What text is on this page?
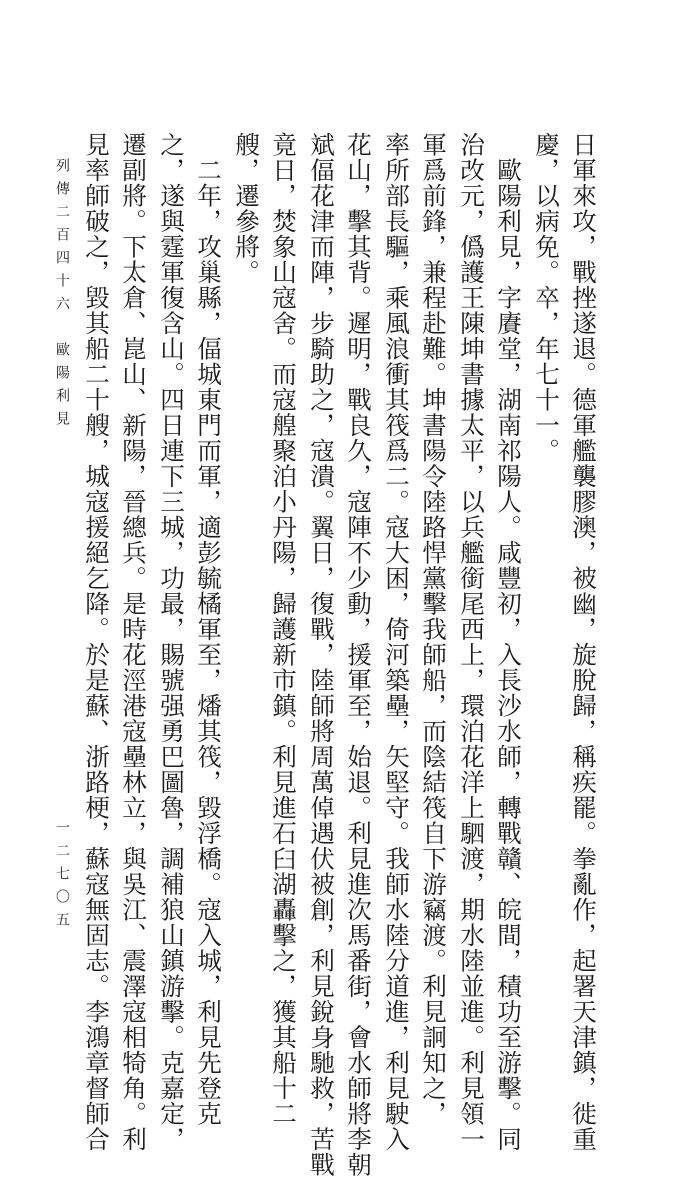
日軍來攻，戰挫遂退。德軍艦襲膠澳，被幽，旋脫歸，稱疾罷。拳亂作，起署天津鎮，徙重
慶，以病免。卒，年七十一。
　歐陽利見，字賡堂，湖南祁陽人。咸豐初，入長沙水師，轉戰贛、皖間，積功至游擊。同
治改元，僞護王陳坤書據太平，以兵艦銜尾西上，環泊花洋上駟渡，期水陸並進。利見領一
軍爲前鋒，兼程赴難。坤書陽令陸路悍黨擊我師船，而陰結筏自下游竊渡。利見詗知之，
率所部長驅，乘風浪衝其筏爲二。寇大困，倚河築壘，矢堅守。我師水陸分道進，利見駛入
花山，擊其背。遲明，戰良久，寇陣不少動，援軍至，始退。利見進次馬番街，會水師將李朝
斌偪花津而陣，步騎助之，寇潰。翼日，復戰，陸師將周萬倬遇伏被創，利見銳身馳救，苦戰
竟日，焚象山寇舍。而寇艎聚泊小丹陽，歸護新市鎮。利見進石臼湖轟擊之，獲其船十二
艘，遷參將。
　二年，攻巢縣，偪城東門而軍，適彭毓橘軍至，燔其筏，毀浮橋。寇入城，利見先登克
之，遂與霆軍復含山。四日連下三城，功最，賜號强勇巴圖魯，調補狼山鎮游擊。克嘉定，
遷副將。下太倉、崑山、新陽，晉總兵。是時花涇港寇壘林立，與吳江、震澤寇相犄角。利
見率師破之，毀其船二十艘，城寇援絕乞降。於是蘇、浙路梗，蘇寇無固志。李鴻章督師合
列傳二百四十六　歐陽利見
一二七〇五
